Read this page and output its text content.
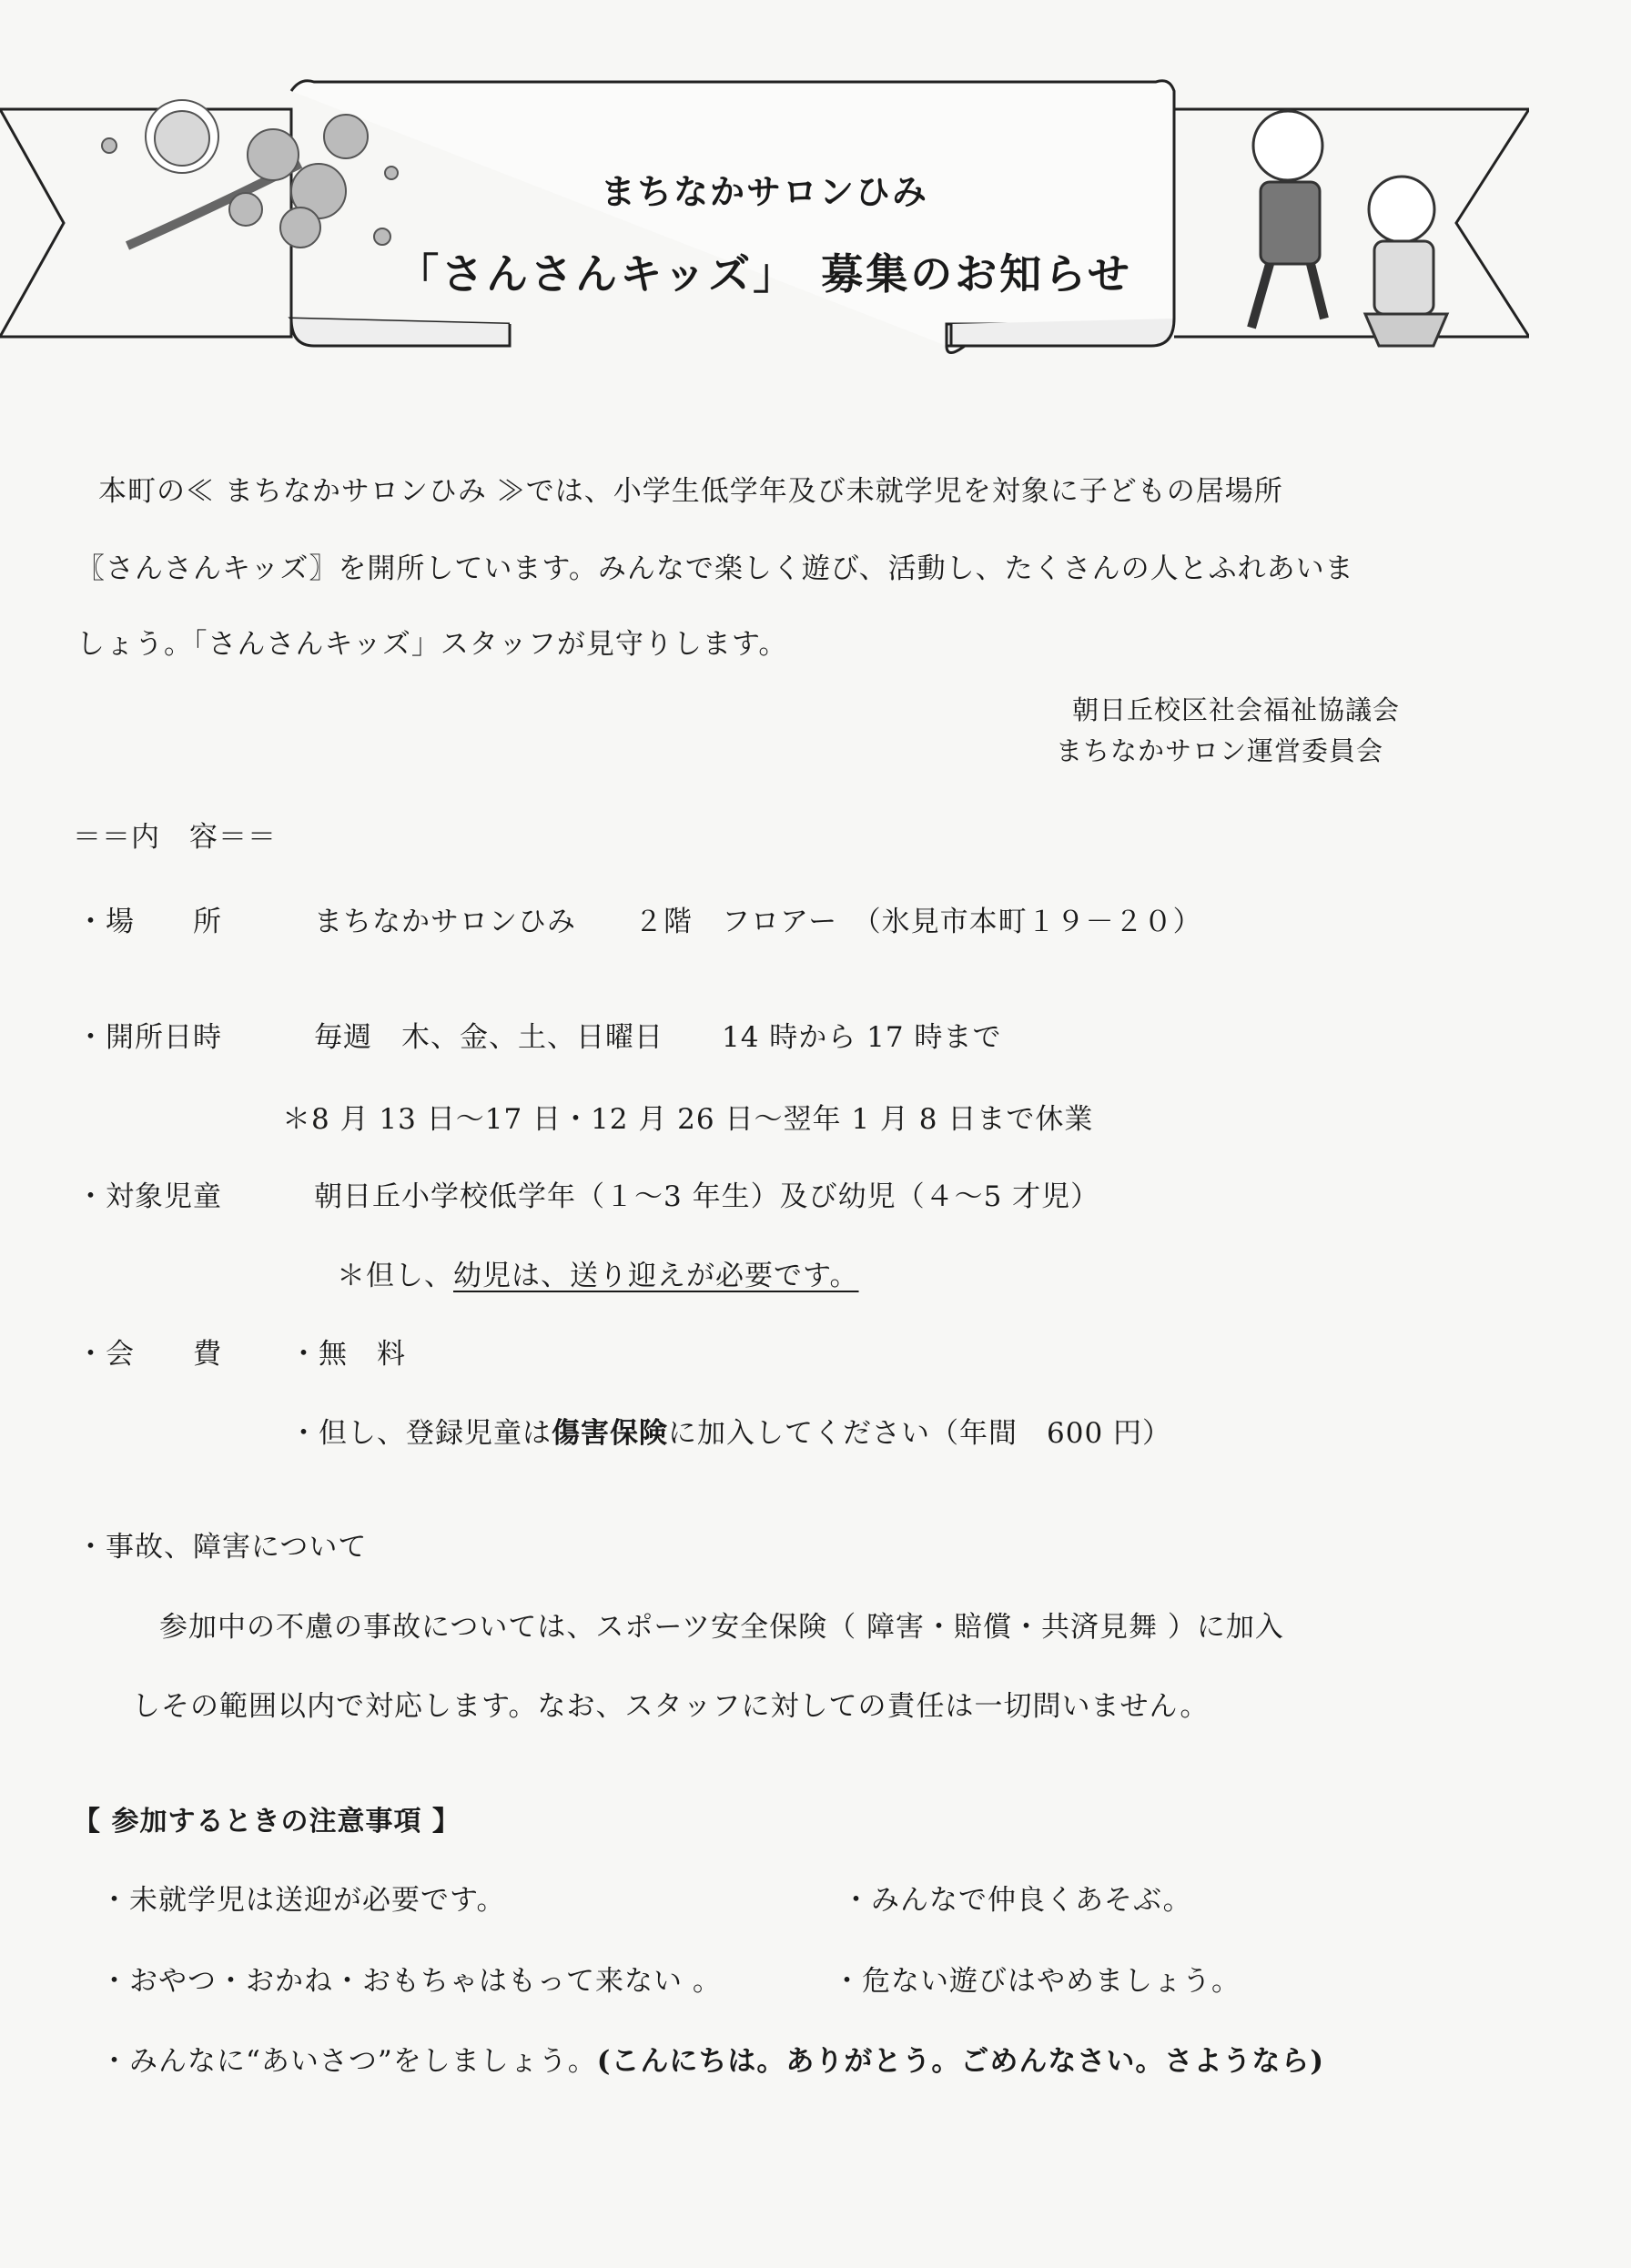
まちなかサロンひみ
「さんさんキッズ」　募集のお知らせ
本町の≪ まちなかサロンひみ ≫では、小学生低学年及び未就学児を対象に子どもの居場所
〖さんさんキッズ〗を開所しています。みんなで楽しく遊び、活動し、たくさんの人とふれあいま
しょう。「さんさんキッズ」スタッフが見守りします。
朝日丘校区社会福祉協議会
まちなかサロン運営委員会
＝＝内　容＝＝
・場　　所	まちなかサロンひみ　　２階　フロアー　（氷見市本町１９－２０）
・開所日時	毎週　木、金、土、日曜日　　14 時から 17 時まで
＊8 月 13 日～17 日・12 月 26 日～翌年 1 月 8 日まで休業
・対象児童	朝日丘小学校低学年（１～3 年生）及び幼児（４～5 才児）
＊但し、幼児は、送り迎えが必要です。
・会　　費 ・無　料
・但し、登録児童は傷害保険に加入してください（年間　600 円）
・事故、障害について
参加中の不慮の事故については、スポーツ安全保険（ 障害・賠償・共済見舞 ）に加入
しその範囲以内で対応します。なお、スタッフに対しての責任は一切問いません。
【 参加するときの注意事項 】
・未就学児は送迎が必要です。	・みんなで仲良くあそぶ。
・おやつ・おかね・おもちゃはもって来ない 。	・危ない遊びはやめましょう。
・みんなに“あいさつ”をしましょう。(こんにちは。ありがとう。ごめんなさい。さようなら)
